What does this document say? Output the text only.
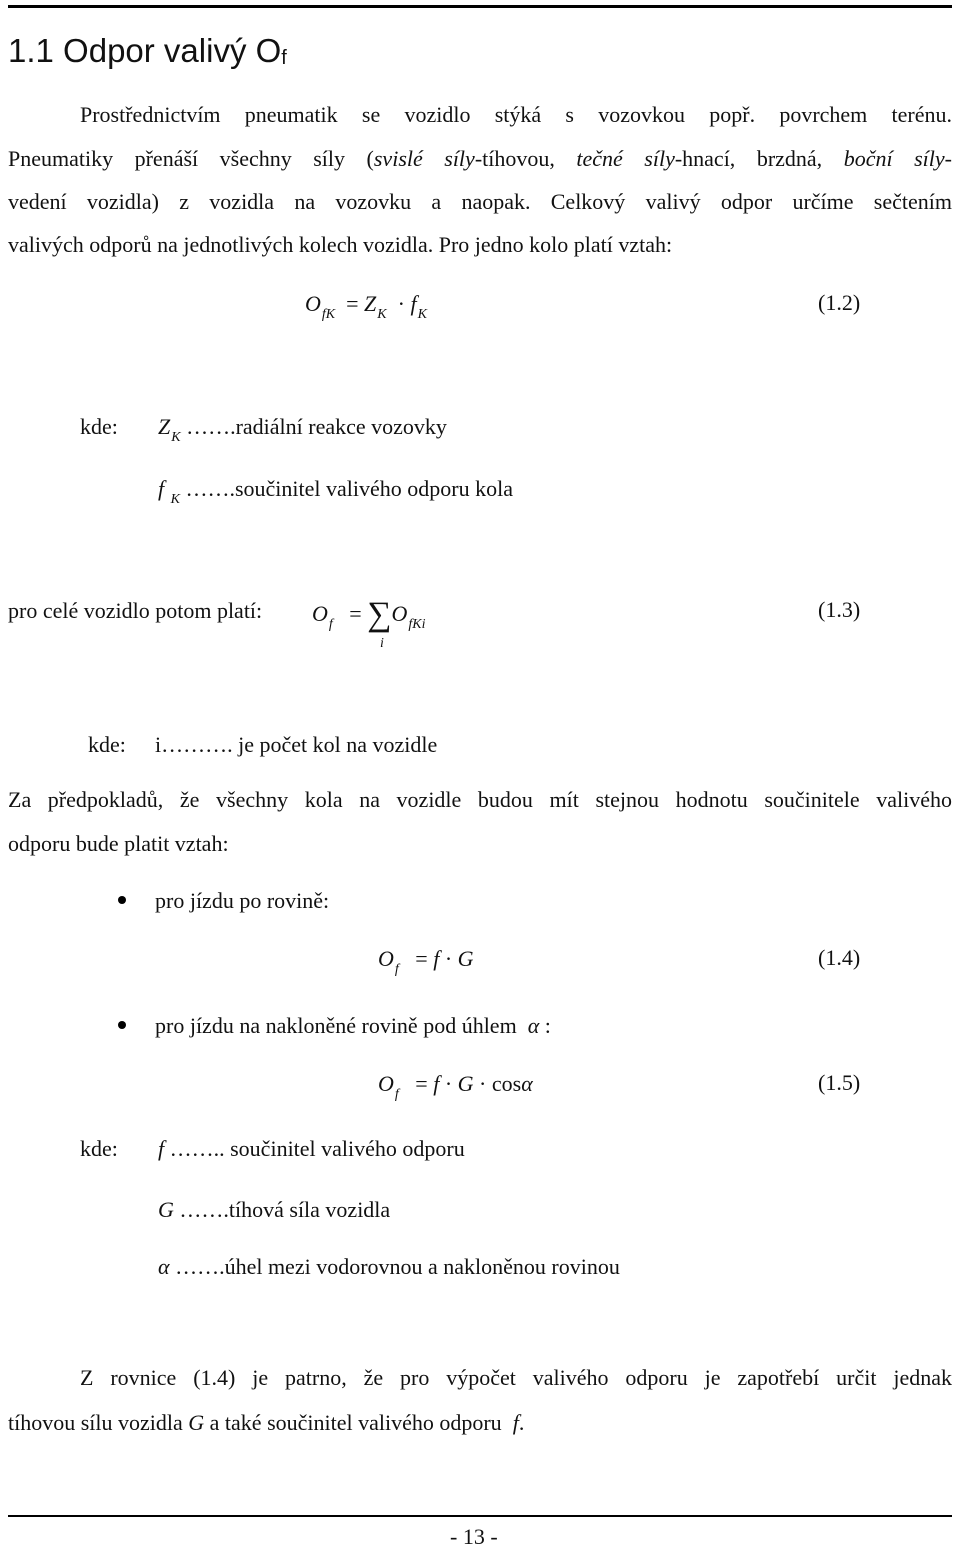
1.1 Odpor valivý $O_f$
Prostřednictvím pneumatik se vozidlo stýká s vozovkou popř. povrchem terénu.
Pneumatiky přenáší všechny síly (svislé síly-tíhovou, tečné síly-hnací, brzdná, boční síly-
vedení vozidla) z vozidla na vozovku a naopak. Celkový valivý odpor určíme sečtením
valivých odporů na jednotlivých kolech vozidla. Pro jedno kolo platí vztah:
$O_{fK} = Z_K \cdot f_K$	(1.2)
kde: $Z_K$ …….radiální reakce vozovky
f $_K$ …….součinitel valivého odporu kola
pro celé vozidlo potom platí: $O_f = \sum O_{fKi}$
i
(1.3)
kde: i………. je počet kol na vozidle
Za předpokladů, že všechny kola na vozidle budou mít stejnou hodnotu součinitele valivého
odporu bude platit vztah:
pro jízdu po rovině:
$O_f = f \cdot G$	(1.4)
pro jízdu na nakloněné rovině pod úhlem  α :
$O_f = f \cdot G \cdot \cos\alpha$	(1.5)
kde: f …….. součinitel valivého odporu
G …….tíhová síla vozidla
α …….úhel mezi vodorovnou a nakloněnou rovinou
Z rovnice (1.4) je patrno, že pro výpočet valivého odporu je zapotřebí určit jednak
tíhovou sílu vozidla G a také součinitel valivého odporu  f.
- 13 -
